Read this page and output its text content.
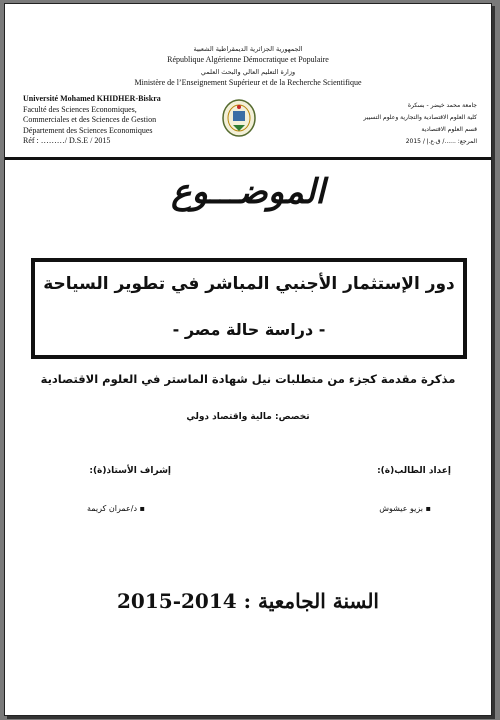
الجمهورية الجزائرية الديمقراطية الشعبية
République Algérienne Démocratique et Populaire
وزارة التعليم العالي والبحث العلمي
Ministère de l’Enseignement Supérieur et de la Recherche Scientifique
Université Mohamed KHIDHER-Biskra
Faculté des Sciences Economiques,
Commerciales et des Sciences de Gestion
Département des Sciences Economiques
Réf : ………/ D.S.E / 2015
جامعة محمد خيضر - بسكرة
كلية العلوم الاقتصادية والتجارية وعلوم التسيير
قسم العلوم الاقتصادية
المرجع: ....../ ق.ع.إ / 2015
الموضـــوع
دور الإستثمار الأجنبي المباشر في تطوير السياحة
- دراسة حالة مصر -
مذكرة مقدمة كجزء من متطلبات نيل شهادة الماستر في العلوم الاقتصادية
تخصص: مالية واقتصاد دولي
إعداد الطالب(ة):
إشراف الأستاذ(ة):
▪ بزيو عيشوش
▪ د/عمران كريمة
السنة الجامعية : 2014-2015
